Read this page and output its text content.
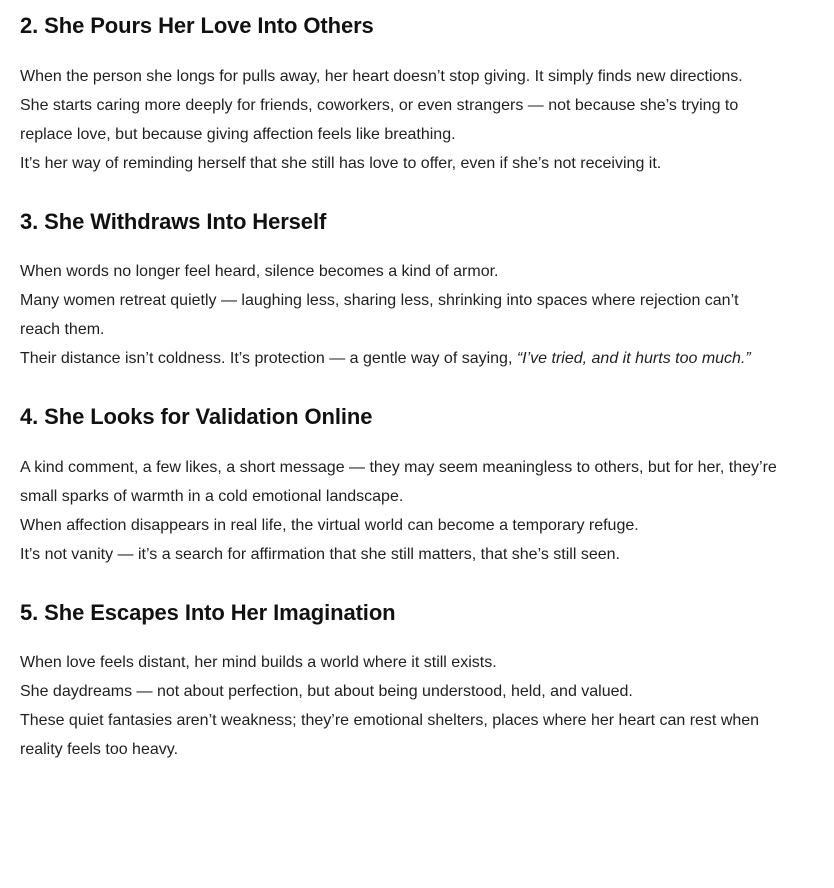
2. She Pours Her Love Into Others

When the person she longs for pulls away, her heart doesn’t stop giving. It simply finds new directions.

She starts caring more deeply for friends, coworkers, or even strangers — not because she’s trying to replace love, but because giving affection feels like breathing.

It’s her way of reminding herself that she still has love to offer, even if she’s not receiving it.

3. She Withdraws Into Herself

When words no longer feel heard, silence becomes a kind of armor.

Many women retreat quietly — laughing less, sharing less, shrinking into spaces where rejection can’t reach them.

Their distance isn’t coldness. It’s protection — a gentle way of saying, “I’ve tried, and it hurts too much.”

4. She Looks for Validation Online

A kind comment, a few likes, a short message — they may seem meaningless to others, but for her, they’re small sparks of warmth in a cold emotional landscape.

When affection disappears in real life, the virtual world can become a temporary refuge.

It’s not vanity — it’s a search for affirmation that she still matters, that she’s still seen.

5. She Escapes Into Her Imagination

When love feels distant, her mind builds a world where it still exists.

She daydreams — not about perfection, but about being understood, held, and valued.

These quiet fantasies aren’t weakness; they’re emotional shelters, places where her heart can rest when reality feels too heavy.
